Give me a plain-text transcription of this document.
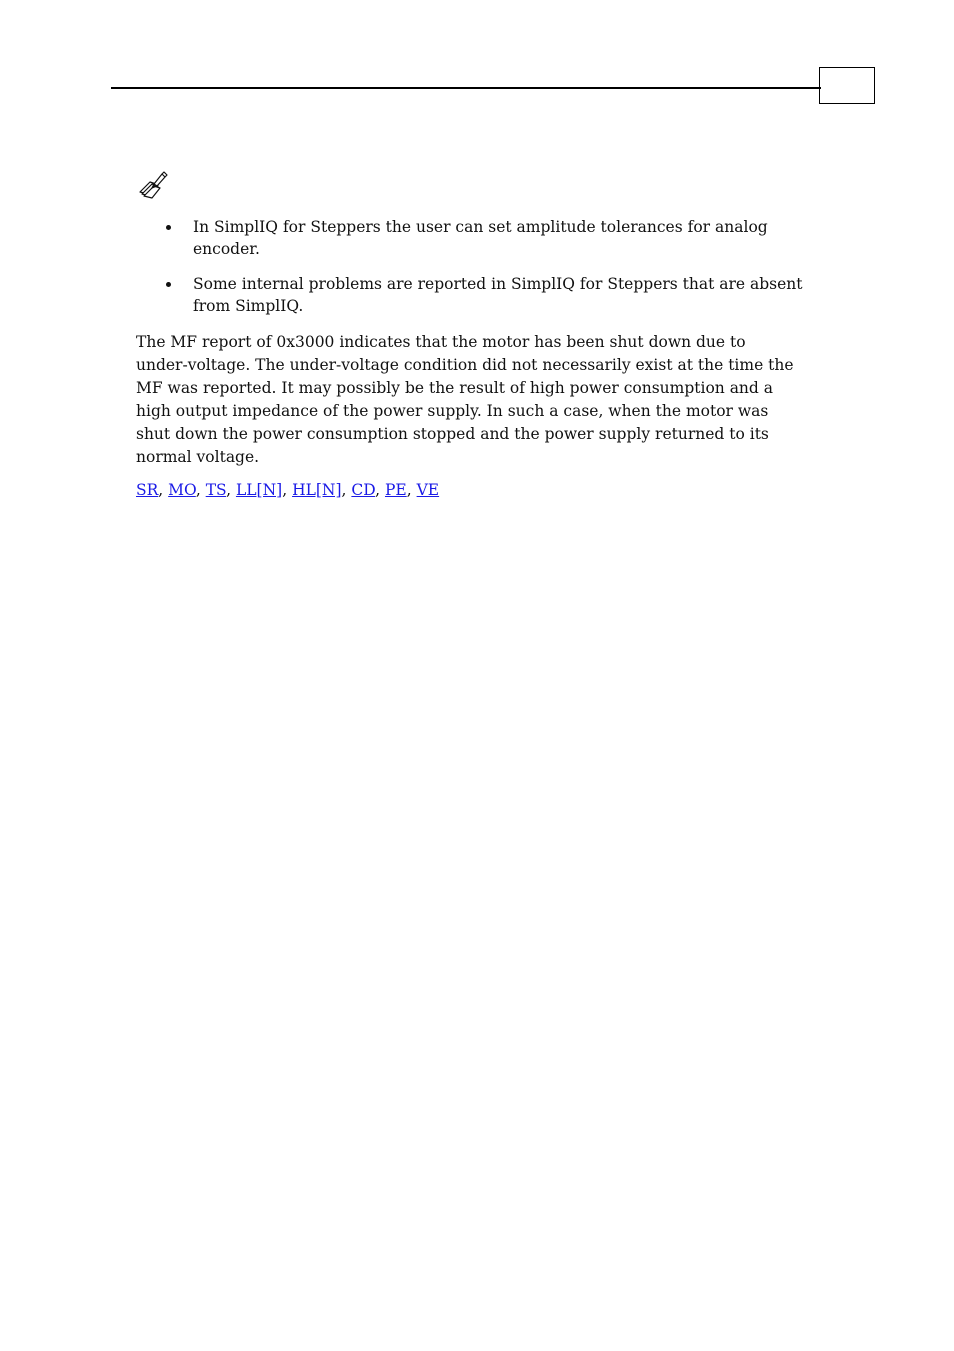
In SimplIQ for Steppers the user can set amplitude tolerances for analog encoder.
Some internal problems are reported in SimplIQ for Steppers that are absent from SimplIQ.

The MF report of 0x3000 indicates that the motor has been shut down due to under-voltage. The under-voltage condition did not necessarily exist at the time the MF was reported. It may possibly be the result of high power consumption and a high output impedance of the power supply. In such a case, when the motor was shut down the power consumption stopped and the power supply returned to its normal voltage.

SR, MO, TS, LL[N], HL[N], CD, PE, VE
